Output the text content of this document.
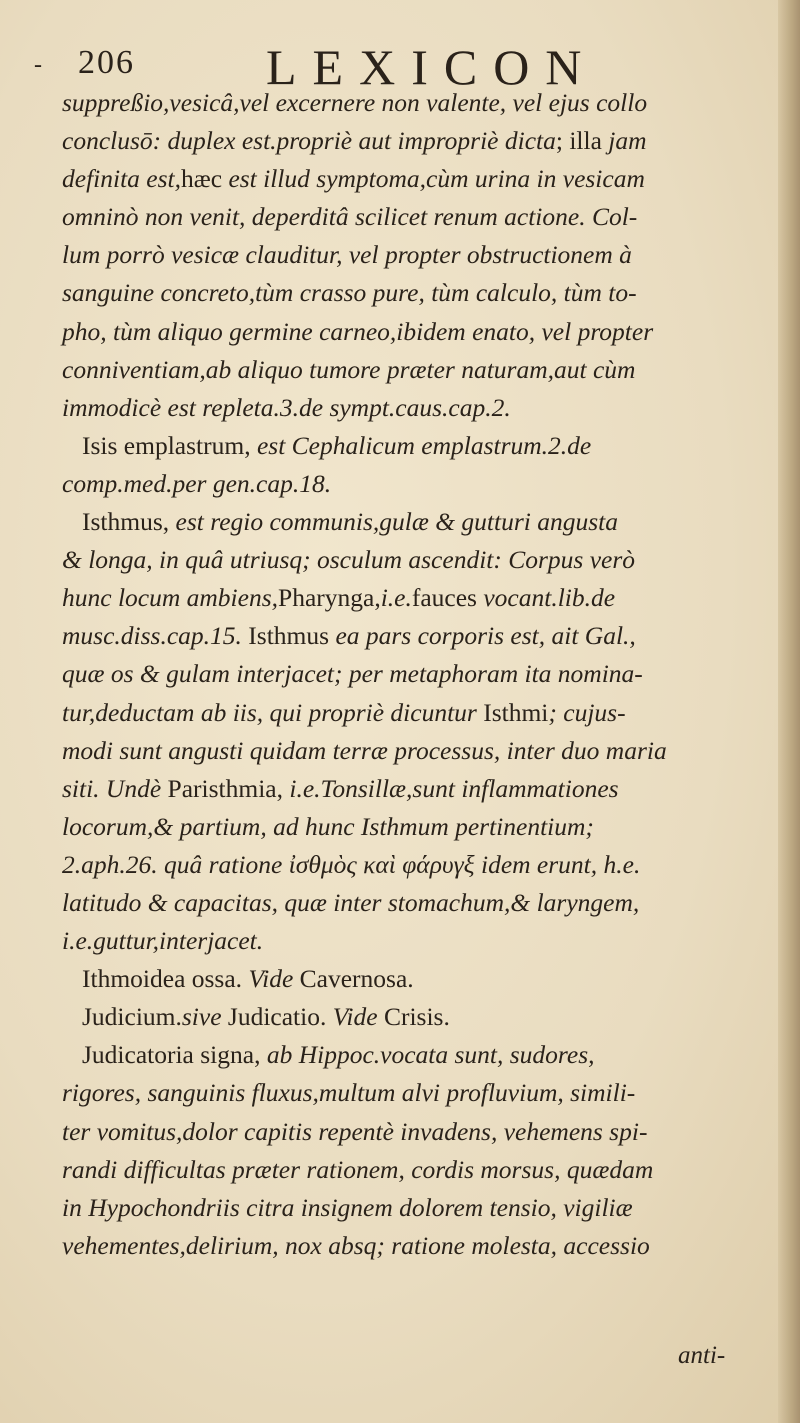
- 206	LEXICON
suppreßio,vesicâ,vel excernere non valente, vel ejus collo
conclusō: duplex est.propriè aut impropriè dicta; illa jam
definita est,hæc est illud symptoma,cùm urina in vesicam
omninò non venit, deperditâ scilicet renum actione. Col-
lum porrò vesicæ clauditur, vel propter obstructionem à
sanguine concreto,tùm crasso pure, tùm calculo, tùm to-
pho, tùm aliquo germine carneo,ibidem enato, vel propter
conniventiam,ab aliquo tumore præter naturam,aut cùm
immodicè est repleta.3.de sympt.caus.cap.2.
Isis emplastrum, est Cephalicum emplastrum.2.de
comp.med.per gen.cap.18.
Isthmus, est regio communis,gulæ & gutturi angusta
& longa, in quâ utriusq; osculum ascendit: Corpus verò
hunc locum ambiens,Pharynga,i.e.fauces vocant.lib.de
musc.diss.cap.15. Isthmus ea pars corporis est, ait Gal.,
quæ os & gulam interjacet; per metaphoram ita nomina-
tur,deductam ab iis, qui propriè dicuntur Isthmi; cujus-
modi sunt angusti quidam terræ processus, inter duo maria
siti. Undè Paristhmia, i.e.Tonsillæ,sunt inflammationes
locorum,& partium, ad hunc Isthmum pertinentium;
2.aph.26. quâ ratione ἰσθμὸς καὶ φάρυγξ idem erunt, h.e.
latitudo & capacitas, quæ inter stomachum,& laryngem,
i.e.guttur,interjacet.
Ithmoidea ossa. Vide Cavernosa.
Judicium.sive Judicatio. Vide Crisis.
Judicatoria signa, ab Hippoc.vocata sunt, sudores,
rigores, sanguinis fluxus,multum alvi profluvium, simili-
ter vomitus,dolor capitis repentè invadens, vehemens spi-
randi difficultas præter rationem, cordis morsus, quædam
in Hypochondriis citra insignem dolorem tensio, vigiliæ
vehementes,delirium, nox absq; ratione molesta, accessio
anti-
